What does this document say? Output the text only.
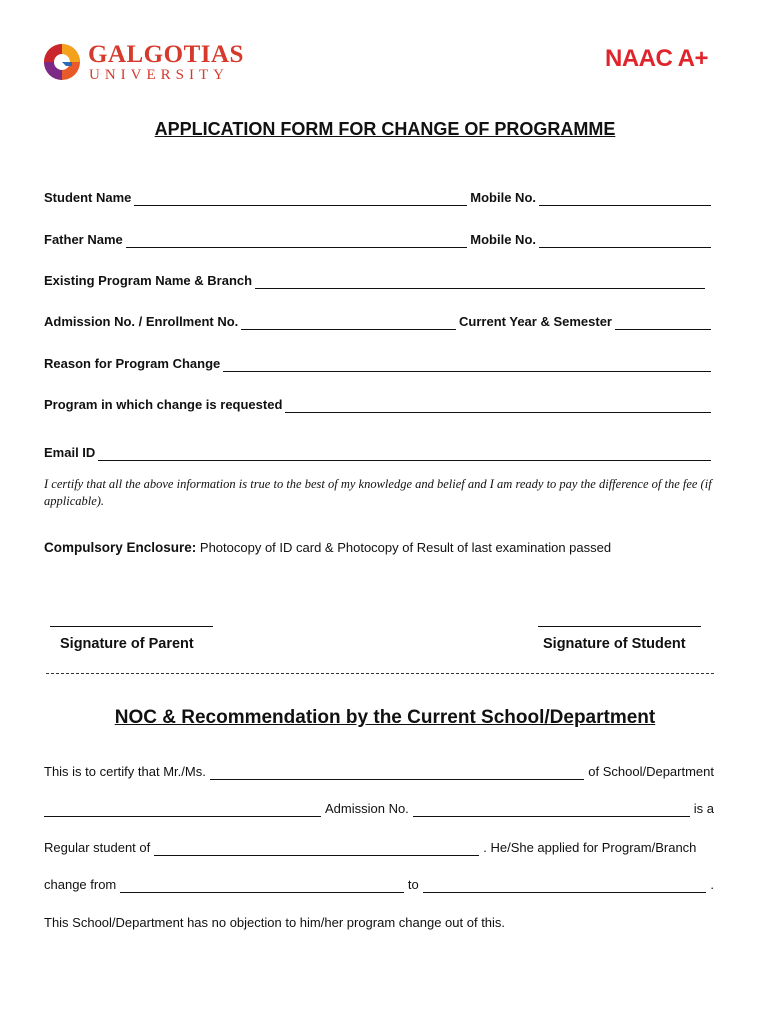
GALGOTIAS
UNIVERSITY
NAAC A+
APPLICATION FORM FOR CHANGE OF PROGRAMME
Student Name	Mobile No.
Father Name	Mobile No.
Existing Program Name & Branch
Admission No. / Enrollment No.	Current Year & Semester
Reason for Program Change
Program in which change is requested
Email ID
I certify that all the above information is true to the best of my knowledge and belief and I am ready to pay the difference of the fee (if applicable).
Compulsory Enclosure: Photocopy of ID card & Photocopy of Result of last examination passed
Signature of Parent	Signature of Student
NOC & Recommendation by the Current School/Department
This is to certify that Mr./Ms.	of School/Department
Admission No.	is a
Regular student of	. He/She applied for Program/Branch
change from	to	.
This School/Department has no objection to him/her program change out of this.
